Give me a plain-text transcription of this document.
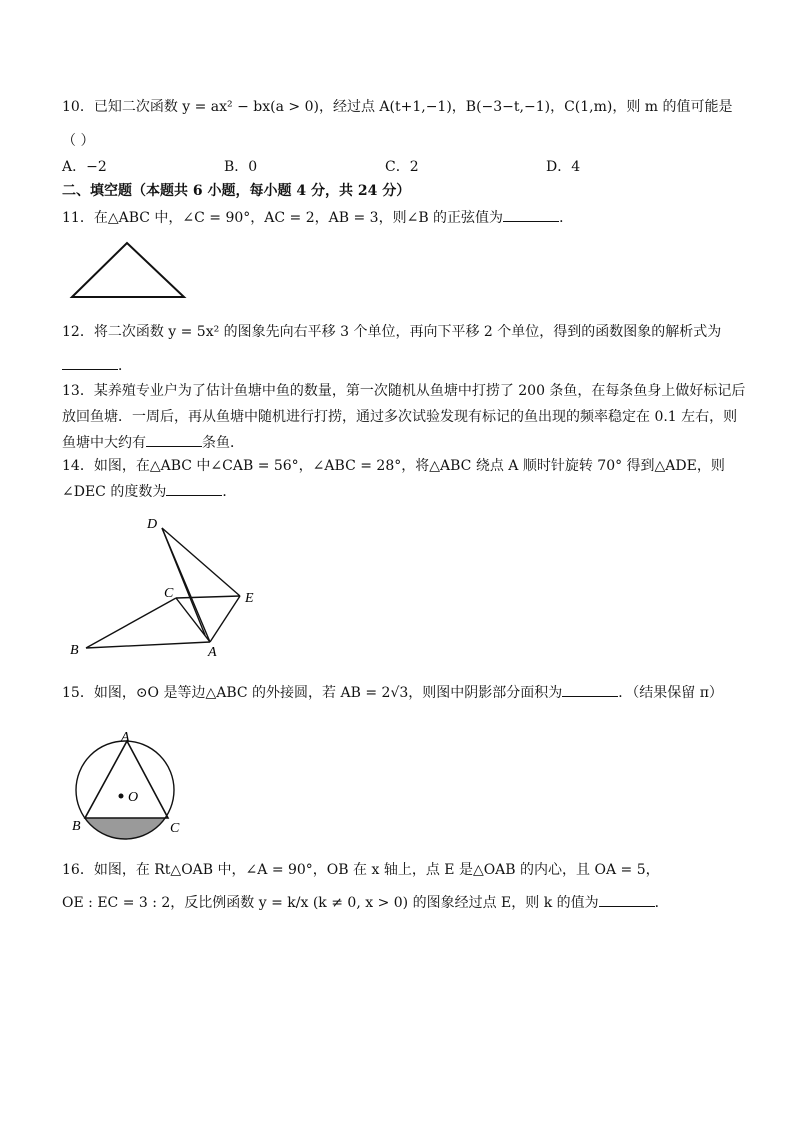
10．已知二次函数 y = ax² − bx(a > 0)，经过点 A(t+1,−1)，B(−3−t,−1)，C(1,m)，则 m 的值可能是
（ ）
A．−2	B．0	C．2	D．4
二、填空题（本题共 6 小题，每小题 4 分，共 24 分）
11．在△ABC 中，∠C = 90°，AC = 2，AB = 3，则∠B 的正弦值为	．
12．将二次函数 y = 5x² 的图象先向右平移 3 个单位，再向下平移 2 个单位，得到的函数图象的解析式为
．
13．某养殖专业户为了估计鱼塘中鱼的数量，第一次随机从鱼塘中打捞了 200 条鱼，在每条鱼身上做好标记后
放回鱼塘．一周后，再从鱼塘中随机进行打捞，通过多次试验发现有标记的鱼出现的频率稳定在 0.1 左右，则
鱼塘中大约有	条鱼．
14．如图，在△ABC 中∠CAB = 56°，∠ABC = 28°，将△ABC 绕点 A 顺时针旋转 70° 得到△ADE，则
∠DEC 的度数为	．
D
C	E
B	A
15．如图，⊙O 是等边△ABC 的外接圆，若 AB = 2√3，则图中阴影部分面积为	．（结果保留 π）
A
B	C
O
16．如图，在 Rt△OAB 中，∠A = 90°，OB 在 x 轴上，点 E 是△OAB 的内心，且 OA = 5，
OE : EC = 3 : 2，反比例函数 y = k/x (k ≠ 0, x > 0) 的图象经过点 E，则 k 的值为	．
